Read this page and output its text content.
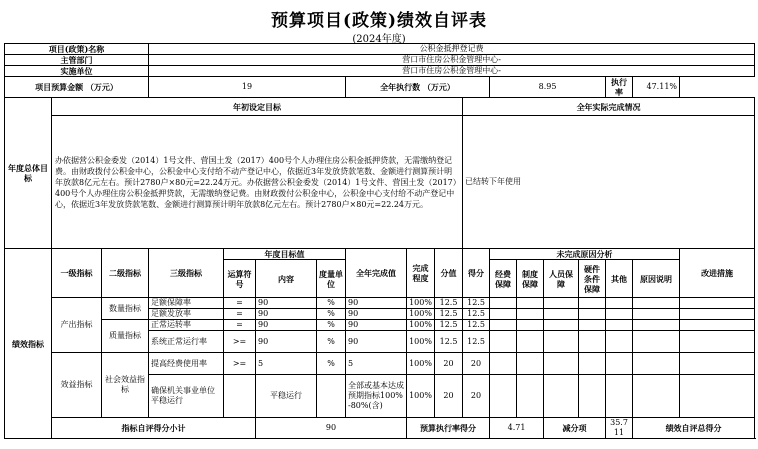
预算项目(政策)绩效自评表
(2024年度)
项目(政策)名称			公积金抵押登记费															
主管部门			营口市住房公积金管理中心-															
实施单位			营口市住房公积金管理中心-															
项目预算金额 （万元）			19				全年执行数 （万元）				8.95				执行率	47.11%		
年度总体目标	年初设定目标									全年实际完成情况								
	办依据营公积金委发（2014）1号文件、营国土发（2017）400号个人办理住房公积金抵押贷款，无需缴纳登记费。由财政拨付公积金中心，公积金中心支付给不动产登记中心，依据近3年发放贷款笔数、金额进行测算预计明年放款8亿元左右。预计2780户×80元=22.24万元。办依据营公积金委发（2014）1号文件、营国土发（2017）400号个人办理住房公积金抵押贷款，无需缴纳登记费。由财政拨付公积金中心，公积金中心支付给不动产登记中心，依据近3年发放贷款笔数、金额进行测算预计明年放款8亿元左右。预计2780户×80元=22.24万元。									已结转下年使用								
绩效指标	一级指标	二级指标	三级指标	年度目标值			全年完成值	完成程度	分值	得分	未完成原因分析						改进措施	
				运算符号	内容	度量单位					经费保障	制度保障	人员保障	硬件条件保障	其他	原因说明		

	产出指标	数量指标	足额保障率	=	90	%	90	100%	12.5	12.5								
			足额发放率	=	90	%	90	100%	12.5	12.5								
		质量指标	正常运转率	=	90	%	90	100%	12.5	12.5								
			系统正常运行率	>=	90	%	90	100%	12.5	12.5								
	效益指标	社会效益指标	提高经费使用率	>=	5	%	5	100%	20	20								
			确保机关事业单位平稳运行		平稳运行		全部或基本达成预期指标100%-80%(含)	100%	20	20								
	指标自评得分小计				90			预算执行率得分			4.71		减分项		35.711	绩效自评总得分	
